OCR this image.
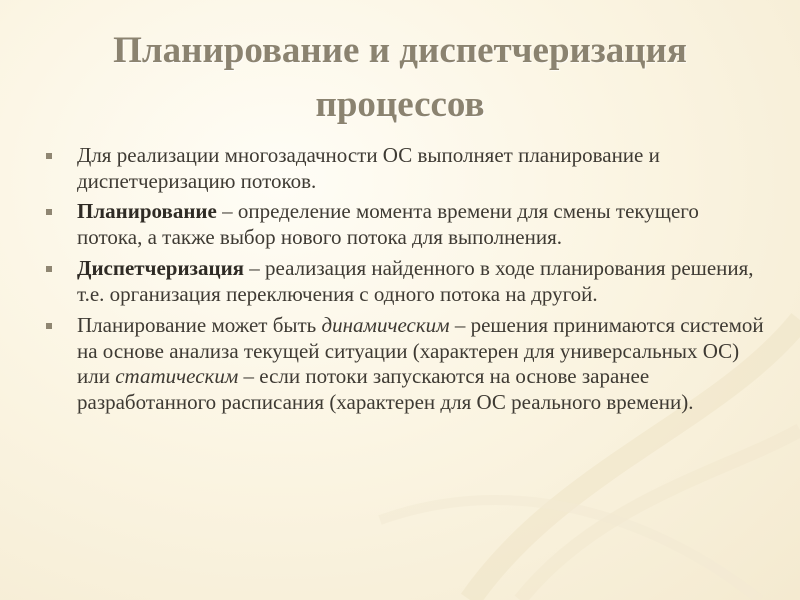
Планирование и диспетчеризация
процессов
Для реализации многозадачности ОС выполняет планирование и диспетчеризацию потоков.
Планирование – определение момента времени для смены текущего потока, а также выбор нового потока для выполнения.
Диспетчеризация – реализация найденного в ходе планирования решения, т.е. организация переключения с одного потока на другой.
Планирование может быть динамическим – решения принимаются системой на основе анализа текущей ситуации (характерен для универсальных ОС) или статическим – если потоки запускаются на основе заранее разработанного расписания (характерен для ОС реального времени).
